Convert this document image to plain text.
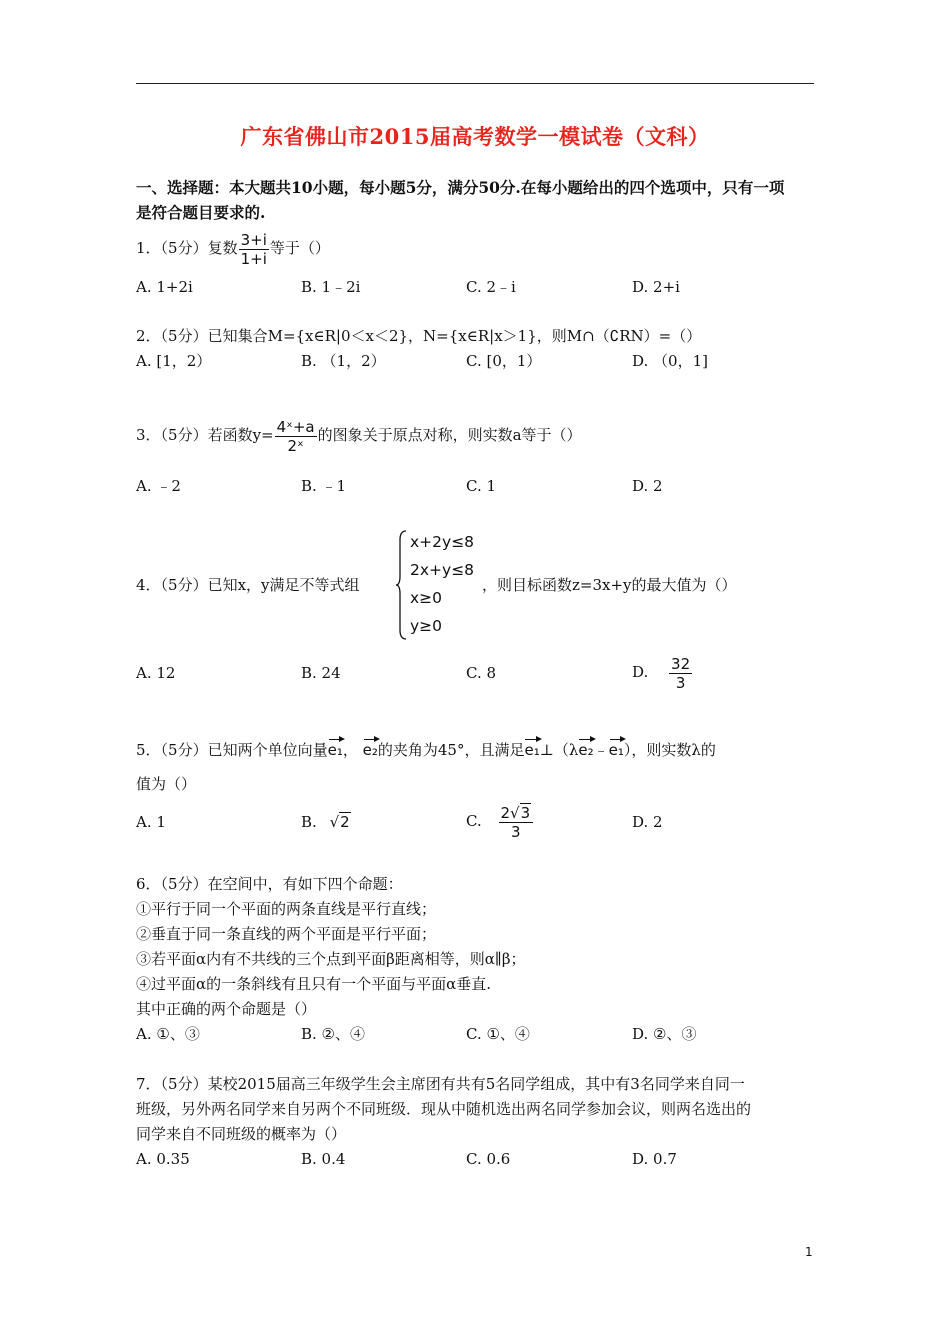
广东省佛山市2015届高考数学一模试卷（文科）
一、选择题：本大题共10小题，每小题5分，满分50分.在每小题给出的四个选项中，只有一项
是符合题目要求的.
1．（5分）复数 $\frac{3+i}{1+i}$ 等于（）
A. 1+2i	B. 1﹣2i	C. 2﹣i	D. 2+i
2．（5分）已知集合M={x∈R|0＜x＜2}，N={x∈R|x＞1}，则M∩（∁RN）=（）
A. [1，2）	B. （1，2）	C. [0，1）	D. （0，1]
3．（5分）若函数$y= \frac{\text{4ˣ+a}}{\text{2ˣ}}$ 的图象关于原点对称，则实数a等于（）
A. ﹣2	B. ﹣1	C. 1	D. 2
4．（5分）已知x，y满足不等式组
x+2y≤8
2x+y≤8
x≥0
y≥0
，则目标函数z=3x+y的最大值为（）
A. 12	B. 24	C. 8	D. $\frac{32}{3}$
5．（5分）已知两个单位向量e₁， e₂的夹角为45°，且满足e₁⊥（λe₂﹣e₁），则实数λ的
值为（）
A. 1	B. √2	C. $\frac{2√3}{3}$	D. 2
6．（5分）在空间中，有如下四个命题：
①平行于同一个平面的两条直线是平行直线；
②垂直于同一条直线的两个平面是平行平面；
③若平面α内有不共线的三个点到平面β距离相等，则α∥β；
④过平面α的一条斜线有且只有一个平面与平面α垂直.
其中正确的两个命题是（）
A. ①、③	B. ②、④	C. ①、④	D. ②、③
7．（5分）某校2015届高三年级学生会主席团有共有5名同学组成，其中有3名同学来自同一
班级，另外两名同学来自另两个不同班级．现从中随机选出两名同学参加会议，则两名选出的
同学来自不同班级的概率为（）
A. 0.35	B. 0.4	C. 0.6	D. 0.7
1
